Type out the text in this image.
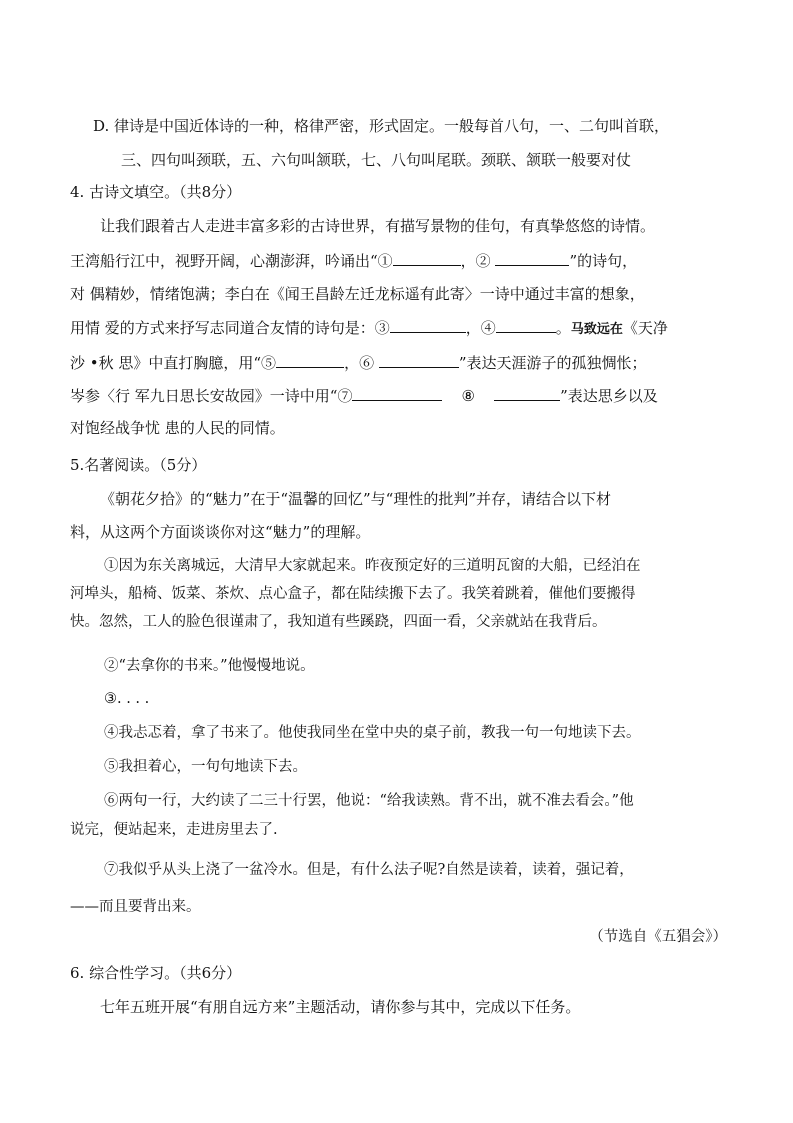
D. 律诗是中国近体诗的一种，格律严密，形式固定。一般每首八句，一、二句叫首联，
三、四句叫颈联，五、六句叫颔联，七、八句叫尾联。颈联、颔联一般要对仗
4. 古诗文填空。（共8分）
让我们跟着古人走进丰富多彩的古诗世界，有描写景物的佳句，有真挚悠悠的诗情。
王湾船行江中，视野开阔，心潮澎湃，吟诵出“①	，②	”的诗句，
对 偶精妙，情绪饱满；李白在《闻王昌龄左迁龙标遥有此寄〉一诗中通过丰富的想象，
用情 爱的方式来抒写志同道合友情的诗句是：③	，④	。马致远在《天净
沙 •秋 思》中直打胸臆，用“⑤	，⑥	”表达天涯游子的孤独惆怅；
岑参〈行 军九日思长安故园》一诗中用“⑦	⑧	”表达思乡以及
对饱经战争忧 患的人民的同情。
5.名著阅读。（5分）
《朝花夕拾》的“魅力”在于“温馨的回忆”与“理性的批判”并存，请结合以下材
料，从这两个方面谈谈你对这“魅力”的理解。
①因为东关离城远，大清早大家就起来。昨夜预定好的三道明瓦窗的大船，已经泊在
河埠头，船椅、饭菜、茶炊、点心盒子，都在陆续搬下去了。我笑着跳着，催他们要搬得
快。忽然，工人的脸色很谨肃了，我知道有些蹊跷，四面一看，父亲就站在我背后。
②“去拿你的书来。”他慢慢地说。
③. . . .
④我忐忑着，拿了书来了。他使我同坐在堂中央的桌子前，教我一句一句地读下去。
⑤我担着心，一句句地读下去。
⑥两句一行，大约读了二三十行罢，他说：“给我读熟。背不出，就不准去看会。”他
说完，便站起来，走进房里去了.
⑦我似乎从头上浇了一盆冷水。但是，有什么法子呢?自然是读着，读着，强记着，
——而且要背出来。
（节选自《五猖会》）
6. 综合性学习。（共6分）
七年五班开展“有朋自远方来”主题活动，请你参与其中，完成以下任务。
